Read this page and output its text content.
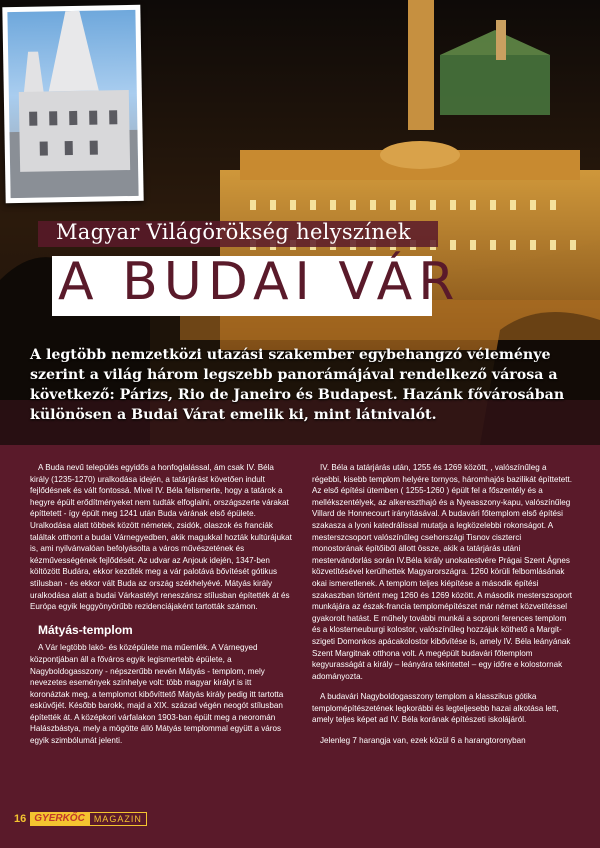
Magyar Világörökség helyszínek
A BUDAI VÁR

A legtöbb nemzetközi utazási szakember egybehangzó véleménye szerint a világ három legszebb panorámájával rendelkező városa a következő: Párizs, Rio de Janeiro és Budapest. Hazánk fővárosában különösen a Budai Várat emelik ki, mint látnivalót.

A Buda nevű település egyidős a honfoglalással, ám csak IV. Béla király (1235-1270) uralkodása idején, a tatárjárást követően indult fejlődésnek és vált fontossá. Mivel IV. Béla felismerte, hogy a tatárok a hegyre épült erődítményeket nem tudták elfoglalni, országszerte várakat építtetett - így épült meg 1241 után Buda várának első épülete. Uralkodása alatt többek között németek, zsidók, olaszok és franciák találtak otthont a budai Várnegyedben, akik magukkal hozták kultúrájukat is, ami nyilvánvalóan befolyásolta a város művészetének és kézművességének fejlődését. Az udvar az Anjouk idején, 1347-ben költözött Budára, ekkor kezdték meg a vár palotává bővítését gótikus stílusban - és ekkor vált Buda az ország székhelyévé. Mátyás király uralkodása alatt a budai Várkastélyt reneszánsz stílusban építették át és Európa egyik leggyönyörűbb rezidenciájaként tartották számon.

Mátyás-templom

A Vár legtöbb lakó- és középülete ma műemlék. A Várnegyed központjában áll a főváros egyik legismertebb épülete, a Nagyboldogasszony - népszerűbb nevén Mátyás - templom, mely nevezetes események színhelye volt: több magyar királyt is itt koronáztak meg, a templomot kibővíttető Mátyás király pedig itt tartotta esküvőjét. Később barokk, majd a XIX. század végén neogót stílusban építették át. A középkori várfalakon 1903-ban épült meg a neoromán Halászbástya, mely a mögötte álló Mátyás templommal együtt a város egyik szimbólumát jelenti.

IV. Béla a tatárjárás után, 1255 és 1269 között, , valószínűleg a régebbi, kisebb templom helyére tornyos, háromhajós bazilikát építtetett. Az első építési ütemben ( 1255-1260 ) épült fel a főszentély és a mellékszentélyek, az alkereszthajó és a Nyeasszony-kapu, valószínűleg Villard de Honnecourt irányításával. A budavári főtemplom első építési szakasza a lyoni katedrálissal mutatja a legközelebbi rokonságot. A mesterszcsoport valószínűleg csehországi Tisnov ciszterci monostorának építőiből állott össze, akik a tatárjárás utáni mestervándorlás során IV.Béla király unokatestvére Prágai Szent Ágnes közvetítésével kerülhettek Magyarországra. 1260 körüli felbomlásának okai ismeretlenek. A templom teljes kiépítése a második építési szakaszban történt meg 1260 és 1269 között. A második mesterszsoport munkájára az észak-francia templomépítészet már német közvetítéssel gyakorolt hatást. E műhely további munkái a soproni ferences templom és a klosterneuburgi kolostor, valószínűleg hozzájuk köthető a Margit-szigeti Domonkos apácakolostor kibővítése is, amely IV. Béla leányának Szent Margitnak otthona volt. A megépült budavári főtemplom kegyurasságát a király – leányára tekintettel – egy időre e kolostornak adományozta.

A budavári Nagyboldogasszony templom a klasszikus gótika templomépítészetének legkorábbi és legteljesebb hazai alkotása lett, amely teljes képet ad IV. Béla korának építészeti iskolájáról.

Jelenleg 7 harangja van, ezek közül 6 a harangtoronyban

16 GYERKŐC	MAGAZIN
